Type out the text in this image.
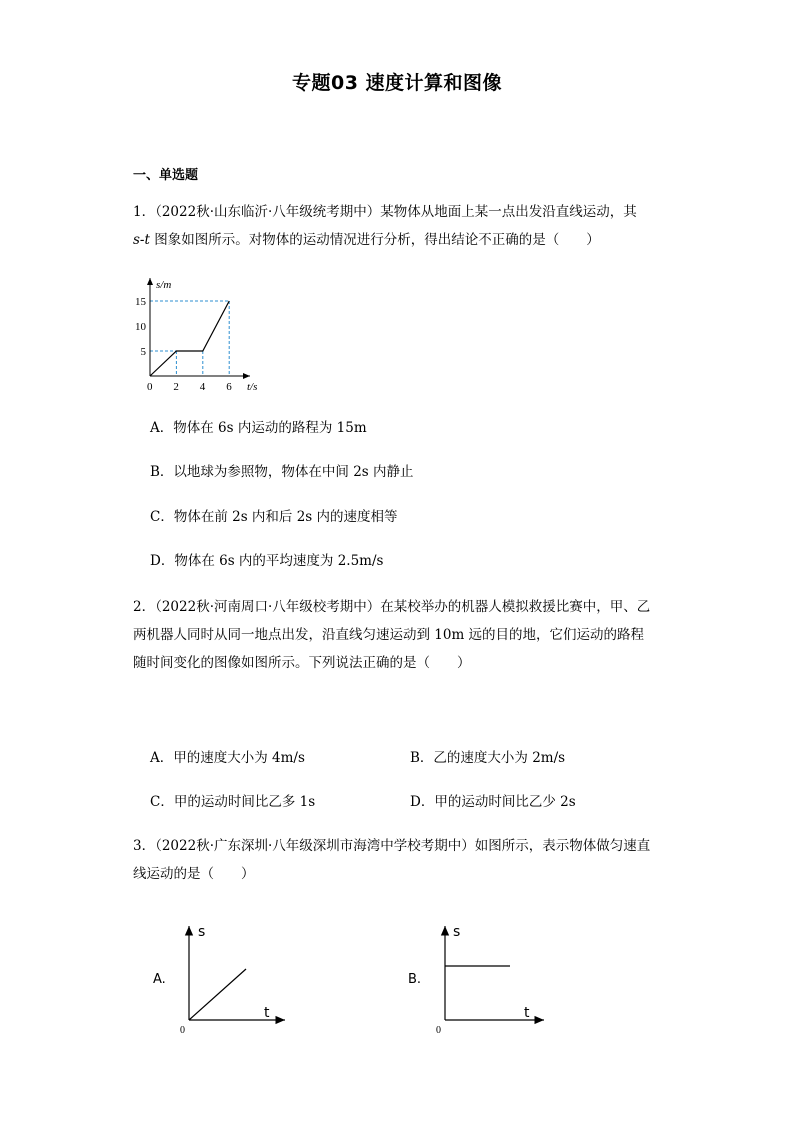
专题03 速度计算和图像
一、单选题
1．（2022秋·山东临沂·八年级统考期中）某物体从地面上某一点出发沿直线运动，其
s-t 图象如图所示。对物体的运动情况进行分析，得出结论不正确的是（　　）
0 2 4 6
5
10
15
s/m
t/s
A．物体在 6s 内运动的路程为 15m
B．以地球为参照物，物体在中间 2s 内静止
C．物体在前 2s 内和后 2s 内的速度相等
D．物体在 6s 内的平均速度为 2.5m/s
2．（2022秋·河南周口·八年级校考期中）在某校举办的机器人模拟救援比赛中，甲、乙
两机器人同时从同一地点出发，沿直线匀速运动到 10m 远的目的地，它们运动的路程
随时间变化的图像如图所示。下列说法正确的是（　　）
A．甲的速度大小为 4m/s	B．乙的速度大小为 2m/s
C．甲的运动时间比乙多 1s	D．甲的运动时间比乙少 2s
3．（2022秋·广东深圳·八年级深圳市海湾中学校考期中）如图所示，表示物体做匀速直
线运动的是（　　）
A.
s
t
0
B.
s
t
0
